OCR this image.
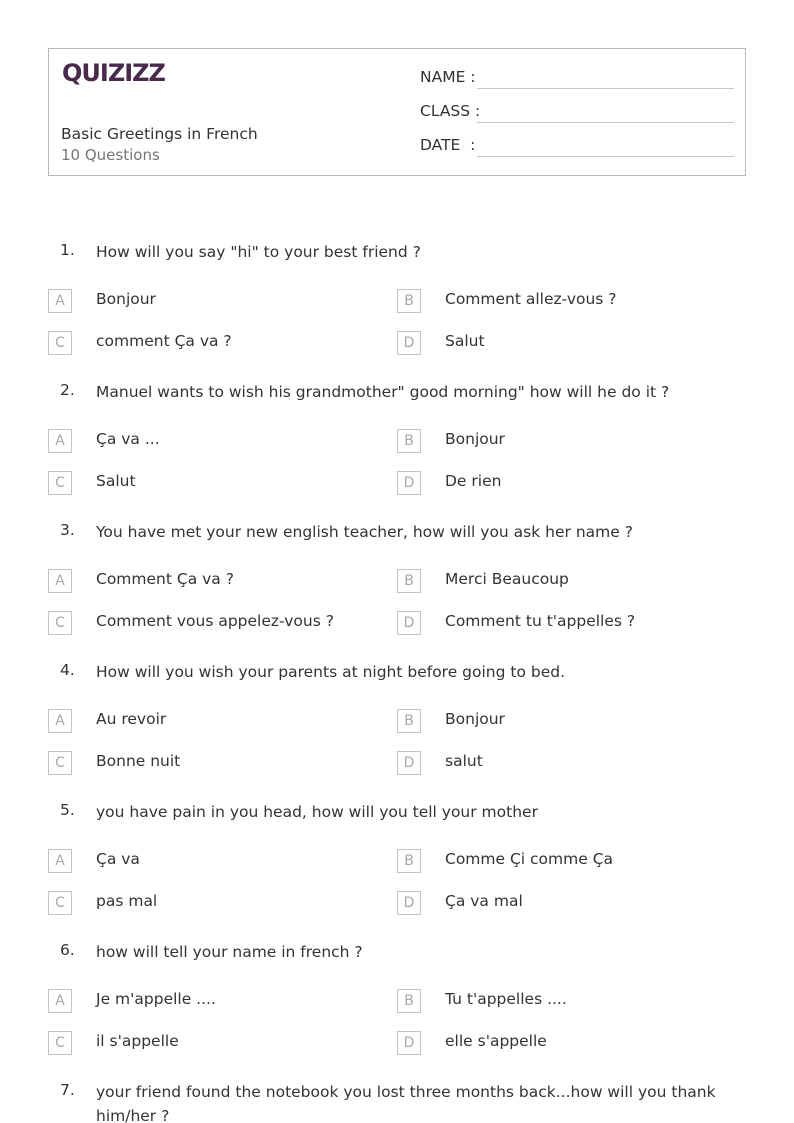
QUIZIZZ
Basic Greetings in French
10 Questions
NAME :
CLASS :
DATE  :
1. How will you say "hi" to your best friend ?
A	Bonjour	B	Comment allez-vous ?
C	comment Ça va ?	D	Salut
2. Manuel wants to wish his grandmother" good morning" how will he do it ?
A	Ça va ...	B	Bonjour
C	Salut	D	De rien
3. You have met your new english teacher, how will you ask her name ?
A	Comment Ça va ?	B	Merci Beaucoup
C	Comment vous appelez-vous ?	D	Comment tu t'appelles ?
4. How will you wish your parents at night before going to bed.
A	Au revoir	B	Bonjour
C	Bonne nuit	D	salut
5. you have pain in you head, how will you tell your mother
A	Ça va	B	Comme Çi comme Ça
C	pas mal	D	Ça va mal
6. how will tell your name in french ?
A	Je m'appelle ....	B	Tu t'appelles ....
C	il s'appelle	D	elle s'appelle
7. your friend found the notebook you lost three months back...how will you thank him/her ?
